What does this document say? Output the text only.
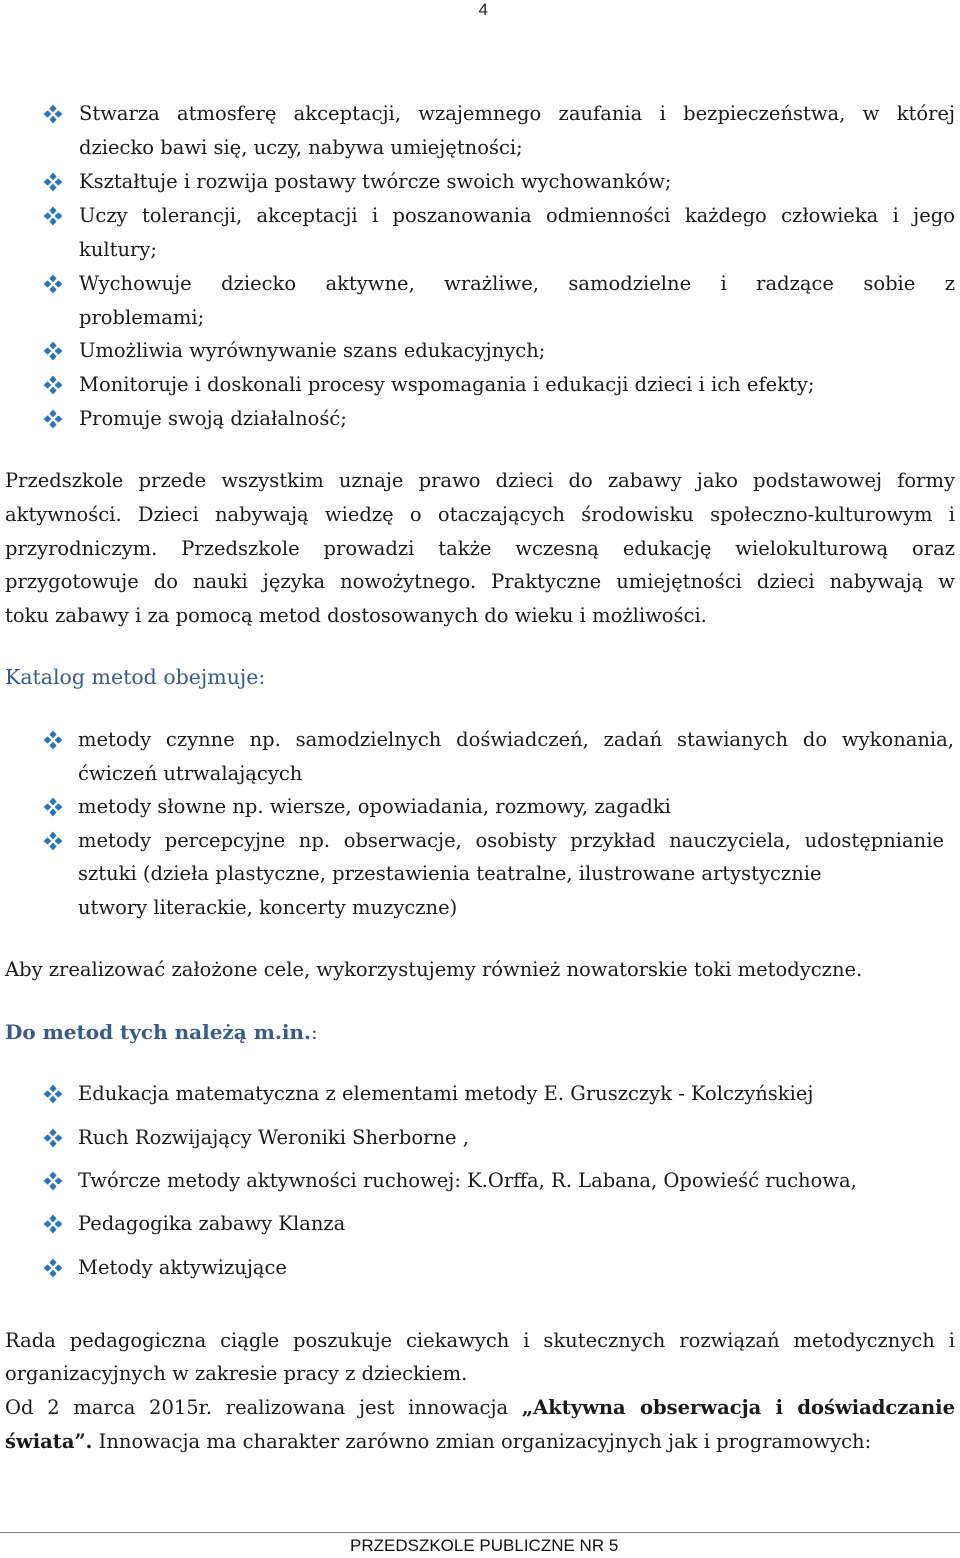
4
Stwarza atmosferę akceptacji, wzajemnego zaufania i bezpieczeństwa, w której
dziecko bawi się, uczy, nabywa umiejętności;
Kształtuje i rozwija postawy twórcze swoich wychowanków;
Uczy tolerancji, akceptacji i poszanowania odmienności każdego człowieka i jego
kultury;
Wychowuje dziecko aktywne, wrażliwe, samodzielne i radzące sobie z
problemami;
Umożliwia wyrównywanie szans edukacyjnych;
Monitoruje i doskonali procesy wspomagania i edukacji dzieci i ich efekty;
Promuje swoją działalność;
Przedszkole przede wszystkim uznaje prawo dzieci do zabawy jako podstawowej formy
aktywności. Dzieci nabywają wiedzę o otaczających środowisku społeczno-kulturowym i
przyrodniczym. Przedszkole prowadzi także wczesną edukację wielokulturową oraz
przygotowuje do nauki języka nowożytnego. Praktyczne umiejętności dzieci nabywają w
toku zabawy i za pomocą metod dostosowanych do wieku i możliwości.
Katalog metod obejmuje:
metody czynne np. samodzielnych doświadczeń, zadań stawianych do wykonania,
ćwiczeń utrwalających
metody słowne np. wiersze, opowiadania, rozmowy, zagadki
metody percepcyjne np. obserwacje, osobisty przykład nauczyciela, udostępnianie
sztuki (dzieła plastyczne, przestawienia teatralne, ilustrowane artystycznie
utwory literackie, koncerty muzyczne)
Aby zrealizować założone cele, wykorzystujemy również nowatorskie toki metodyczne.
Do metod tych należą m.in.:
Edukacja matematyczna z elementami metody E. Gruszczyk - Kolczyńskiej
Ruch Rozwijający Weroniki Sherborne ,
Twórcze metody aktywności ruchowej: K.Orffa, R. Labana, Opowieść ruchowa,
Pedagogika zabawy Klanza
Metody aktywizujące
Rada pedagogiczna ciągle poszukuje ciekawych i skutecznych rozwiązań metodycznych i
organizacyjnych w zakresie pracy z dzieckiem.
Od 2 marca 2015r. realizowana jest innowacja „Aktywna obserwacja i doświadczanie
świata”. Innowacja ma charakter zarówno zmian organizacyjnych jak i programowych:
PRZEDSZKOLE PUBLICZNE NR 5
